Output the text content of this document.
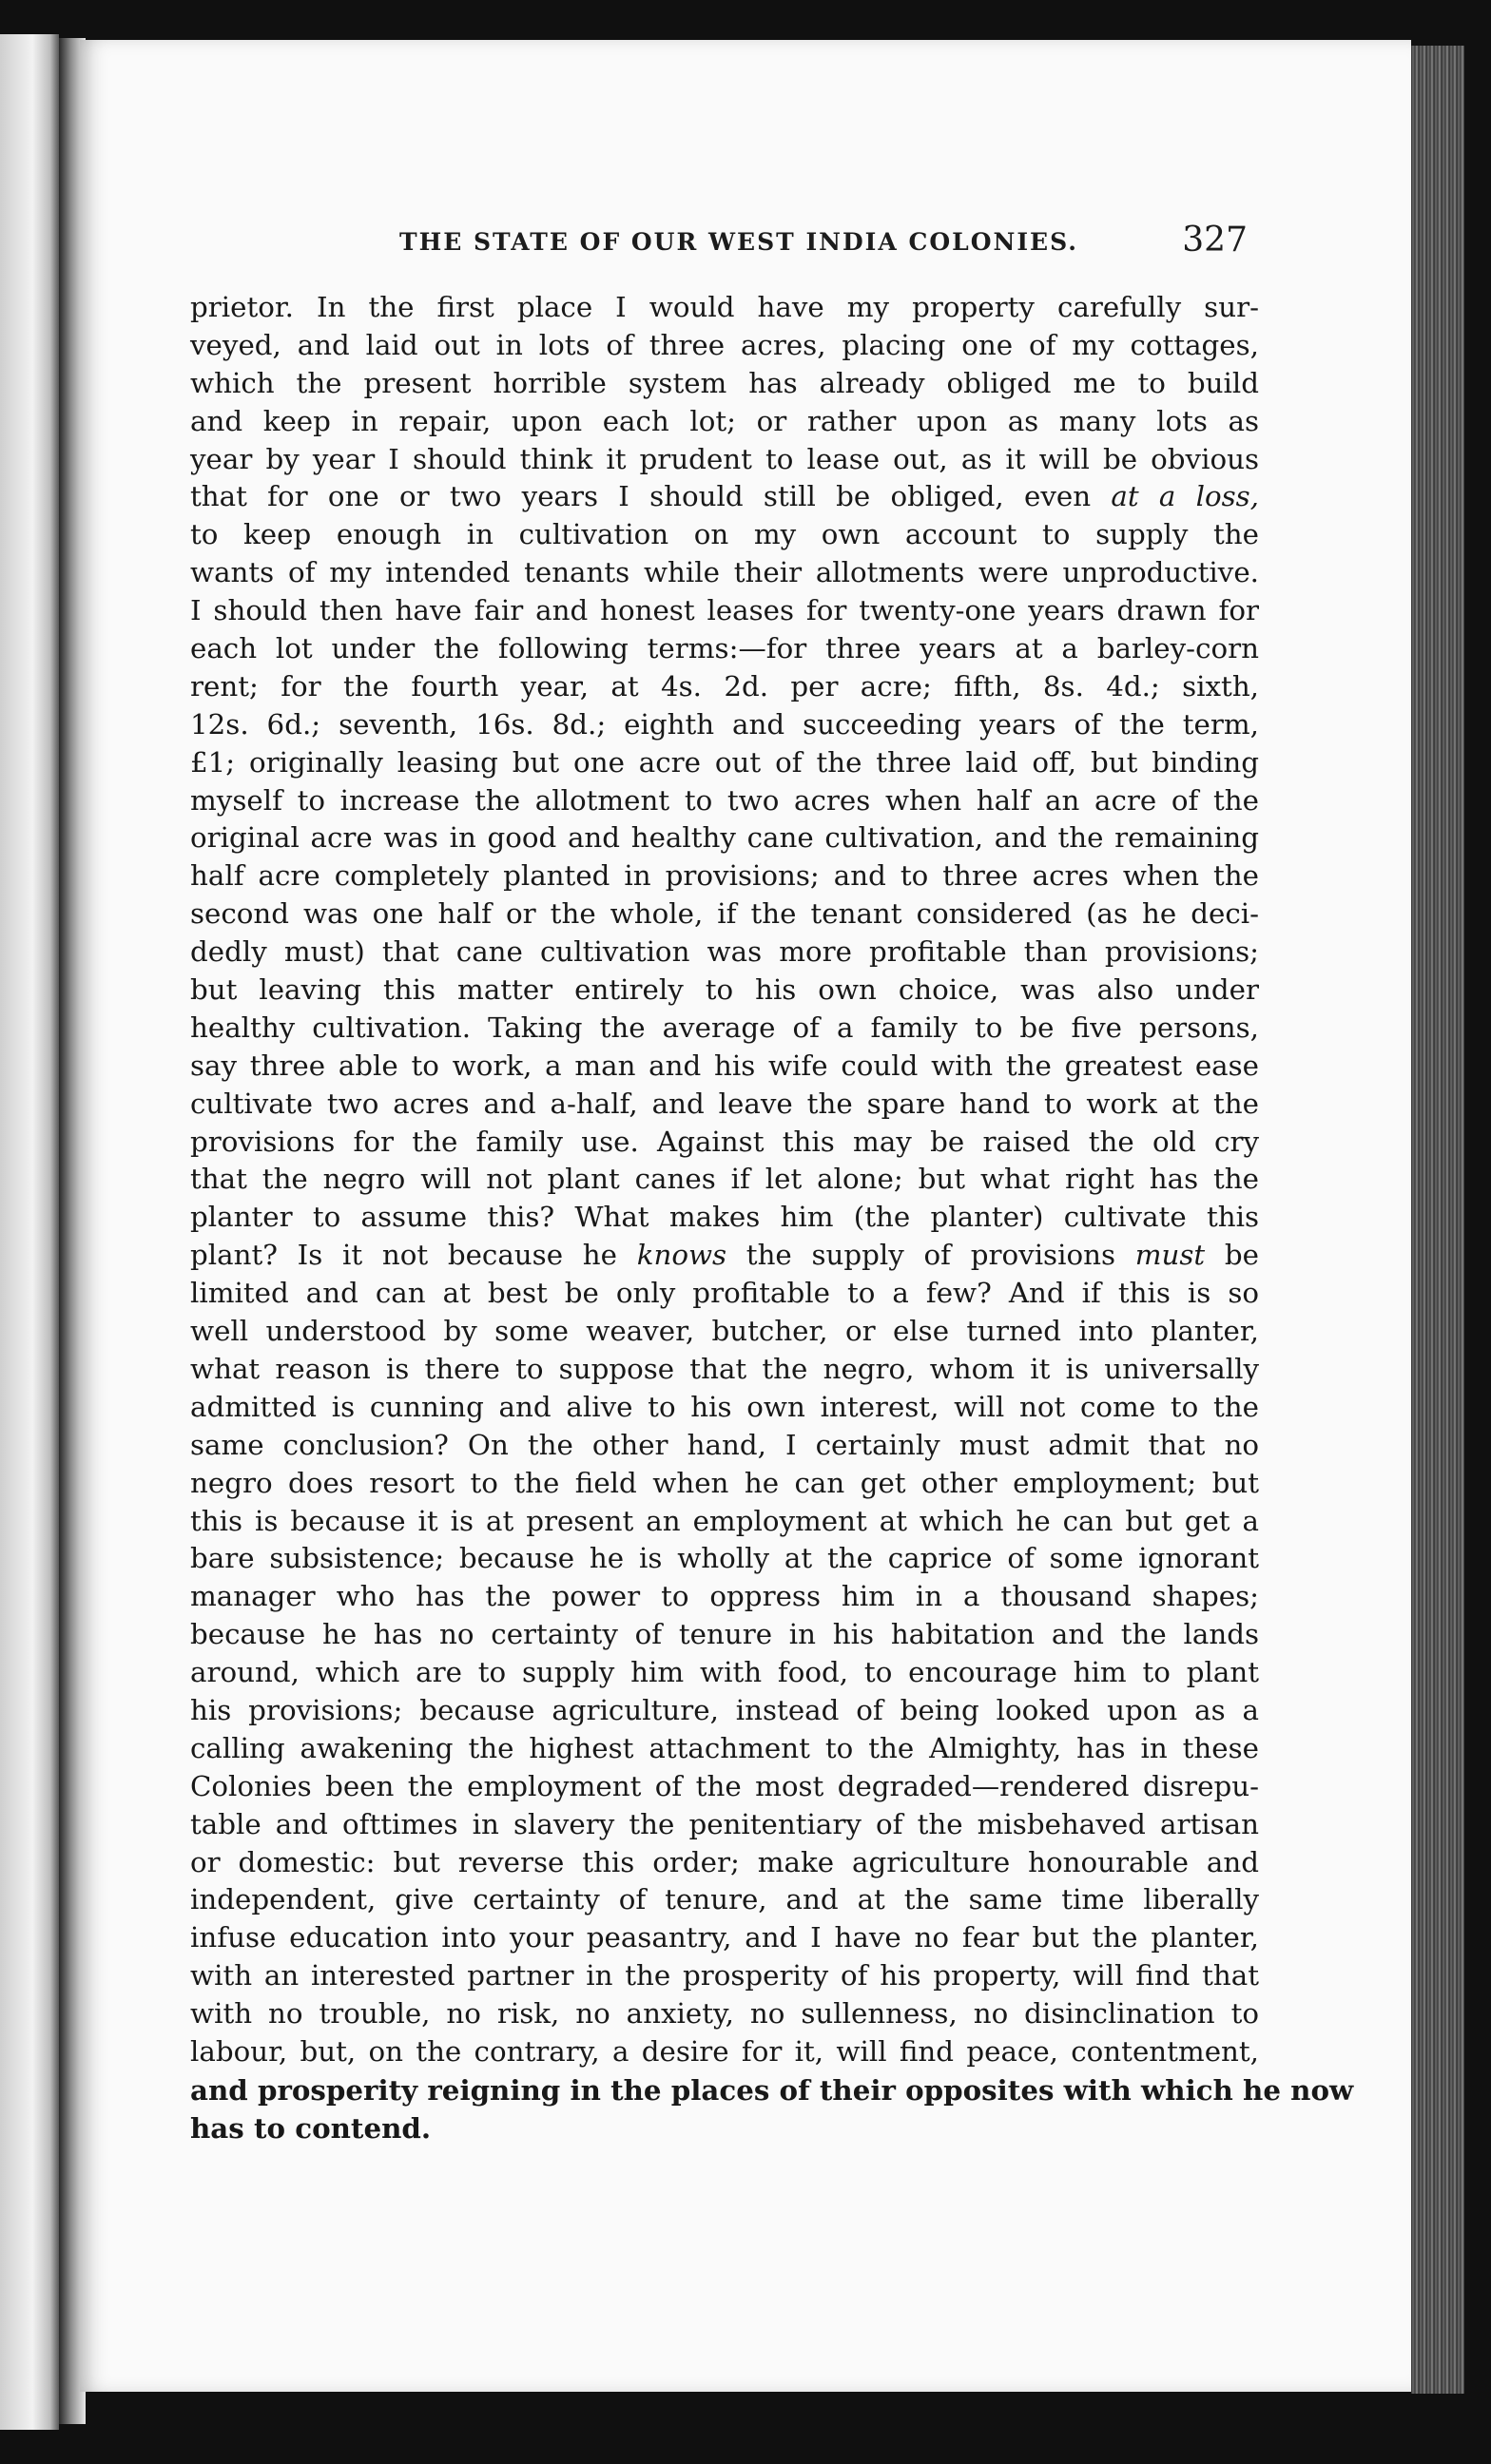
THE STATE OF OUR WEST INDIA COLONIES.	327
prietor. In the first place I would have my property carefully sur-
veyed, and laid out in lots of three acres, placing one of my cottages,
which the present horrible system has already obliged me to build
and keep in repair, upon each lot; or rather upon as many lots as
year by year I should think it prudent to lease out, as it will be obvious
that for one or two years I should still be obliged, even at a loss,
to keep enough in cultivation on my own account to supply the
wants of my intended tenants while their allotments were unproductive.
I should then have fair and honest leases for twenty-one years drawn for
each lot under the following terms:—for three years at a barley-corn
rent; for the fourth year, at 4s. 2d. per acre; fifth, 8s. 4d.; sixth,
12s. 6d.; seventh, 16s. 8d.; eighth and succeeding years of the term,
£1; originally leasing but one acre out of the three laid off, but binding
myself to increase the allotment to two acres when half an acre of the
original acre was in good and healthy cane cultivation, and the remaining
half acre completely planted in provisions; and to three acres when the
second was one half or the whole, if the tenant considered (as he deci-
dedly must) that cane cultivation was more profitable than provisions;
but leaving this matter entirely to his own choice, was also under
healthy cultivation. Taking the average of a family to be five persons,
say three able to work, a man and his wife could with the greatest ease
cultivate two acres and a-half, and leave the spare hand to work at the
provisions for the family use. Against this may be raised the old cry
that the negro will not plant canes if let alone; but what right has the
planter to assume this? What makes him (the planter) cultivate this
plant? Is it not because he knows the supply of provisions must be
limited and can at best be only profitable to a few? And if this is so
well understood by some weaver, butcher, or else turned into planter,
what reason is there to suppose that the negro, whom it is universally
admitted is cunning and alive to his own interest, will not come to the
same conclusion? On the other hand, I certainly must admit that no
negro does resort to the field when he can get other employment; but
this is because it is at present an employment at which he can but get a
bare subsistence; because he is wholly at the caprice of some ignorant
manager who has the power to oppress him in a thousand shapes;
because he has no certainty of tenure in his habitation and the lands
around, which are to supply him with food, to encourage him to plant
his provisions; because agriculture, instead of being looked upon as a
calling awakening the highest attachment to the Almighty, has in these
Colonies been the employment of the most degraded—rendered disrepu-
table and ofttimes in slavery the penitentiary of the misbehaved artisan
or domestic: but reverse this order; make agriculture honourable and
independent, give certainty of tenure, and at the same time liberally
infuse education into your peasantry, and I have no fear but the planter,
with an interested partner in the prosperity of his property, will find that
with no trouble, no risk, no anxiety, no sullenness, no disinclination to
labour, but, on the contrary, a desire for it, will find peace, contentment,
and prosperity reigning in the places of their opposites with which he now
has to contend.
